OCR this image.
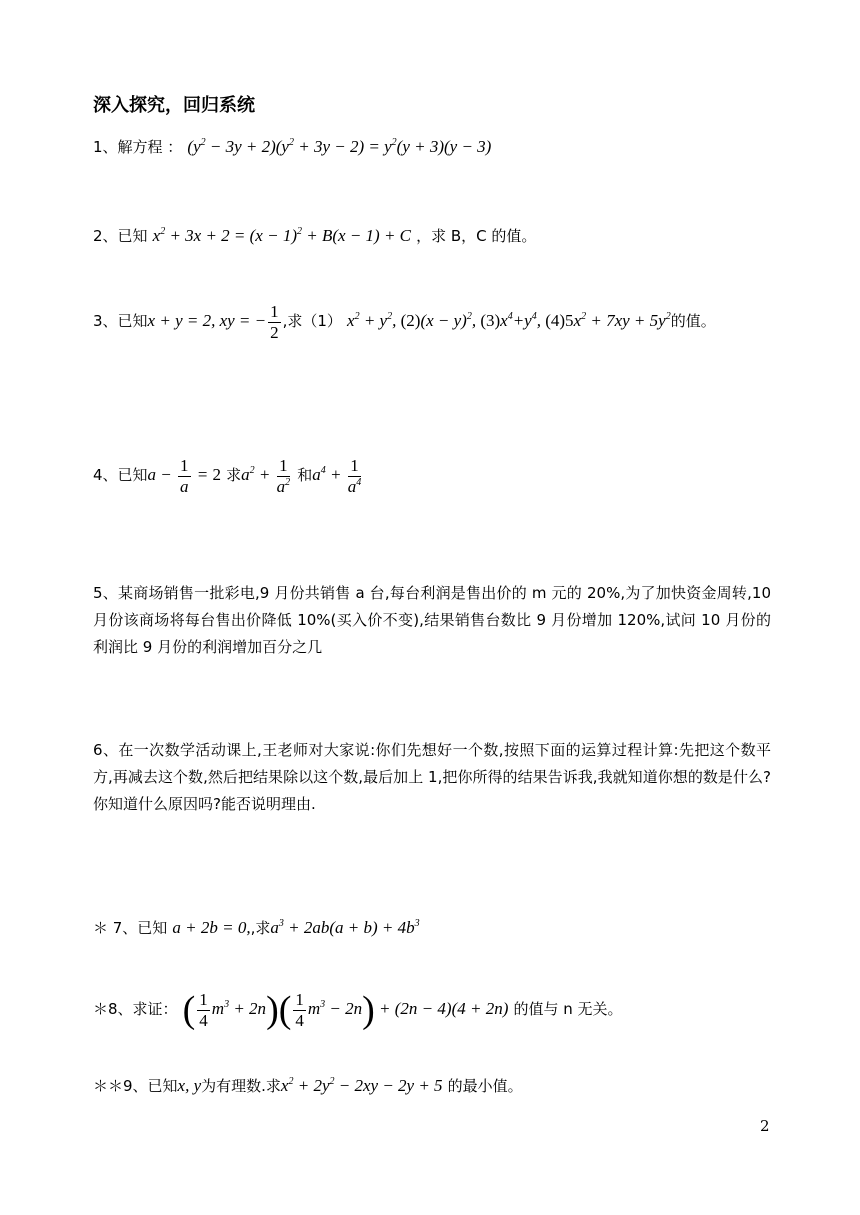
深入探究，回归系统
1、解方程 ： $(y^2 - 3y + 2)(y^2 + 3y - 2) = y^2(y + 3)(y - 3)$
2、已知 $x^2 + 3x + 2 = (x - 1)^2 + B(x - 1) + C$ ，求 B，C 的值。
3、已知x + y = 2, xy = − $\frac{1}{2}$ ,求（1） $x^2 + y^2$, $(2)(x - y)^2$, $(3)x^4+y^4$, $(4)5x^2 + 7xy + 5y^2$的值。
4、已知$a - \frac{1}{a} = 2$ 求$a^2 + \frac{1}{a^2}$ 和$a^4 + \frac{1}{a^4}$
5、某商场销售一批彩电,9 月份共销售 a 台,每台利润是售出价的 m 元的 20%,为了加快资金周转,10 月份该商场将每台售出价降低 10%(买入价不变),结果销售台数比 9 月份增加 120%,试问 10 月份的利润比 9 月份的利润增加百分之几
6、在一次数学活动课上,王老师对大家说:你们先想好一个数,按照下面的运算过程计算:先把这个数平方,再减去这个数,然后把结果除以这个数,最后加上 1,把你所得的结果告诉我,我就知道你想的数是什么?你知道什么原因吗?能否说明理由.
＊ 7、已知 a + 2b = 0,,求$a^3 + 2ab(a + b) + 4b^3$
＊8、求证： ( $\frac{1}{4} m^3 + 2n)( \frac{1}{4} m^3 - 2n) + (2n - 4)(4 + 2n)$ 的值与 n 无关。
＊＊9、已知x, y为有理数.求$x^2 + 2y^2 - 2xy - 2y + 5$ 的最小值。
2
